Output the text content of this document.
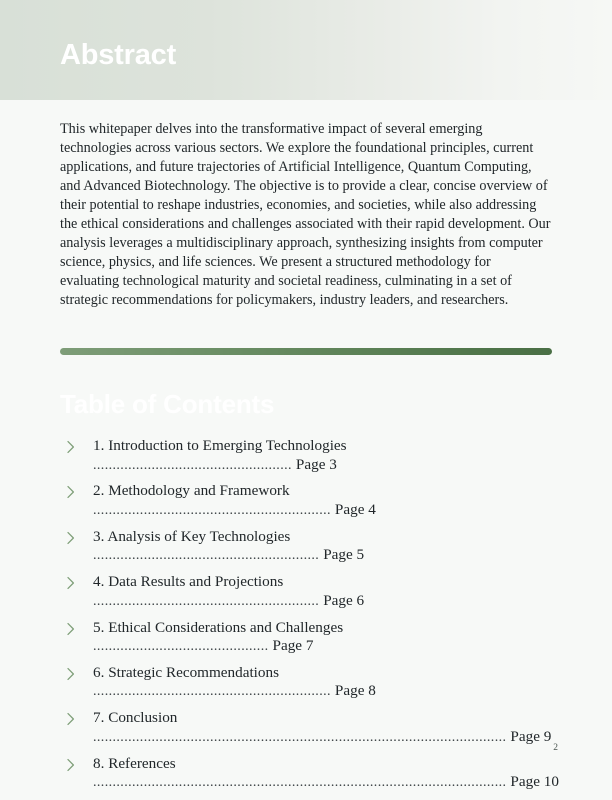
Abstract

This whitepaper delves into the transformative impact of several emerging technologies across various sectors. We explore the foundational principles, current applications, and future trajectories of Artificial Intelligence, Quantum Computing, and Advanced Biotechnology. The objective is to provide a clear, concise overview of their potential to reshape industries, economies, and societies, while also addressing the ethical considerations and challenges associated with their rapid development. Our analysis leverages a multidisciplinary approach, synthesizing insights from computer science, physics, and life sciences. We present a structured methodology for evaluating technological maturity and societal readiness, culminating in a set of strategic recommendations for policymakers, industry leaders, and researchers.

Table of Contents
1. Introduction to Emerging Technologies
................................................... Page 3
2. Methodology and Framework
............................................................. Page 4
3. Analysis of Key Technologies
.......................................................... Page 5
4. Data Results and Projections
.......................................................... Page 6
5. Ethical Considerations and Challenges
............................................. Page 7
6. Strategic Recommendations
............................................................. Page 8
7. Conclusion
.......................................................................................................... Page 9
8. References
.......................................................................................................... Page 10
2
